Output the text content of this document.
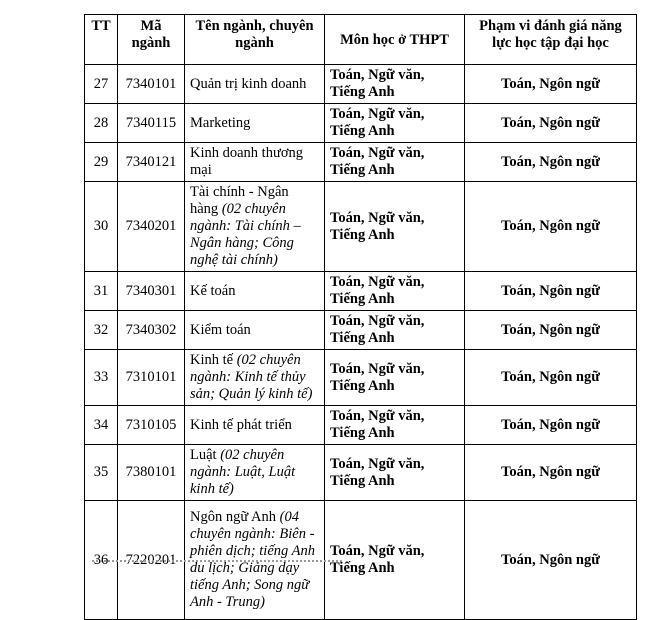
TT	Mã ngành	Tên ngành, chuyên ngành	Môn học ở THPT	Phạm vi đánh giá năng lực học tập đại học
27	7340101	Quản trị kinh doanh	Toán, Ngữ văn, Tiếng Anh	Toán, Ngôn ngữ
28	7340115	Marketing	Toán, Ngữ văn, Tiếng Anh	Toán, Ngôn ngữ
29	7340121	Kinh doanh thương mại	Toán, Ngữ văn, Tiếng Anh	Toán, Ngôn ngữ
30	7340201	Tài chính - Ngân hàng (02 chuyên ngành: Tài chính – Ngân hàng; Công nghệ tài chính)	Toán, Ngữ văn, Tiếng Anh	Toán, Ngôn ngữ
31	7340301	Kế toán	Toán, Ngữ văn, Tiếng Anh	Toán, Ngôn ngữ
32	7340302	Kiểm toán	Toán, Ngữ văn, Tiếng Anh	Toán, Ngôn ngữ
33	7310101	Kinh tế (02 chuyên ngành: Kinh tế thủy sản; Quản lý kinh tế)	Toán, Ngữ văn, Tiếng Anh	Toán, Ngôn ngữ
34	7310105	Kinh tế phát triển	Toán, Ngữ văn, Tiếng Anh	Toán, Ngôn ngữ
35	7380101	Luật (02 chuyên ngành: Luật, Luật kinh tế)	Toán, Ngữ văn, Tiếng Anh	Toán, Ngôn ngữ
36	7220201	Ngôn ngữ Anh (04 chuyên ngành: Biên - phiên dịch; tiếng Anh du lịch; Giảng dạy tiếng Anh; Song ngữ Anh - Trung)	Toán, Ngữ văn, Tiếng Anh	Toán, Ngôn ngữ
